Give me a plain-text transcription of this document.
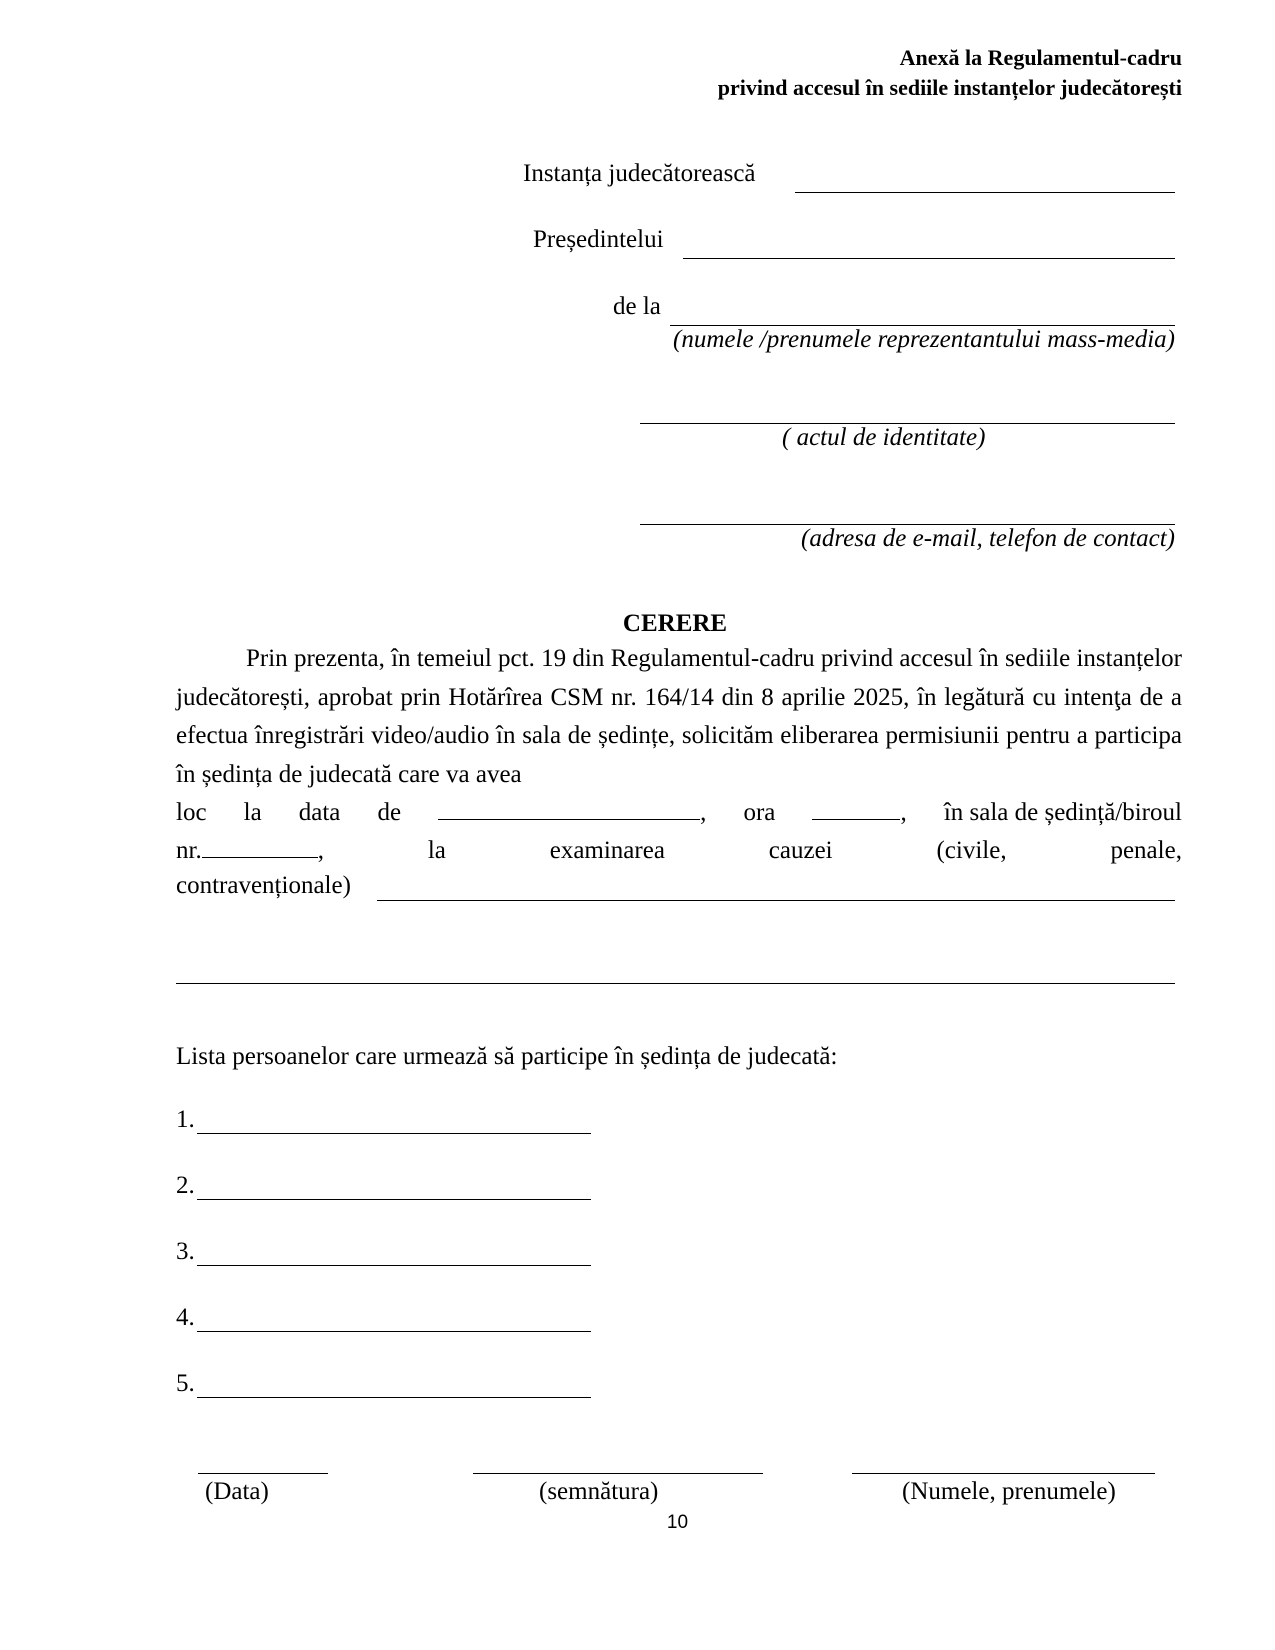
Anexă la Regulamentul-cadru
privind accesul în sediile instanțelor judecătorești
Instanța judecătorească
Președintelui
de la
(numele /prenumele reprezentantului mass-media)
( actul de identitate)
(adresa de e-mail, telefon de contact)
CERERE
Prin prezenta, în temeiul pct. 19 din Regulamentul-cadru privind accesul în sediile instanțelor judecătorești, aprobat prin Hotărîrea CSM nr. 164/14 din 8 aprilie 2025, în legătură cu intenţa de a efectua înregistrări video/audio în sala de ședințe, solicităm eliberarea permisiunii pentru a participa în ședința de judecată care va avea
loc la data de	, ora	, în sala de ședință/biroul
nr.	,	la	examinarea	cauzei	(civile,	penale,
contravenționale)
Lista persoanelor care urmează să participe în ședința de judecată:
1.
2.
3.
4.
5.
(Data)	(semnătura)	(Numele, prenumele)
10
